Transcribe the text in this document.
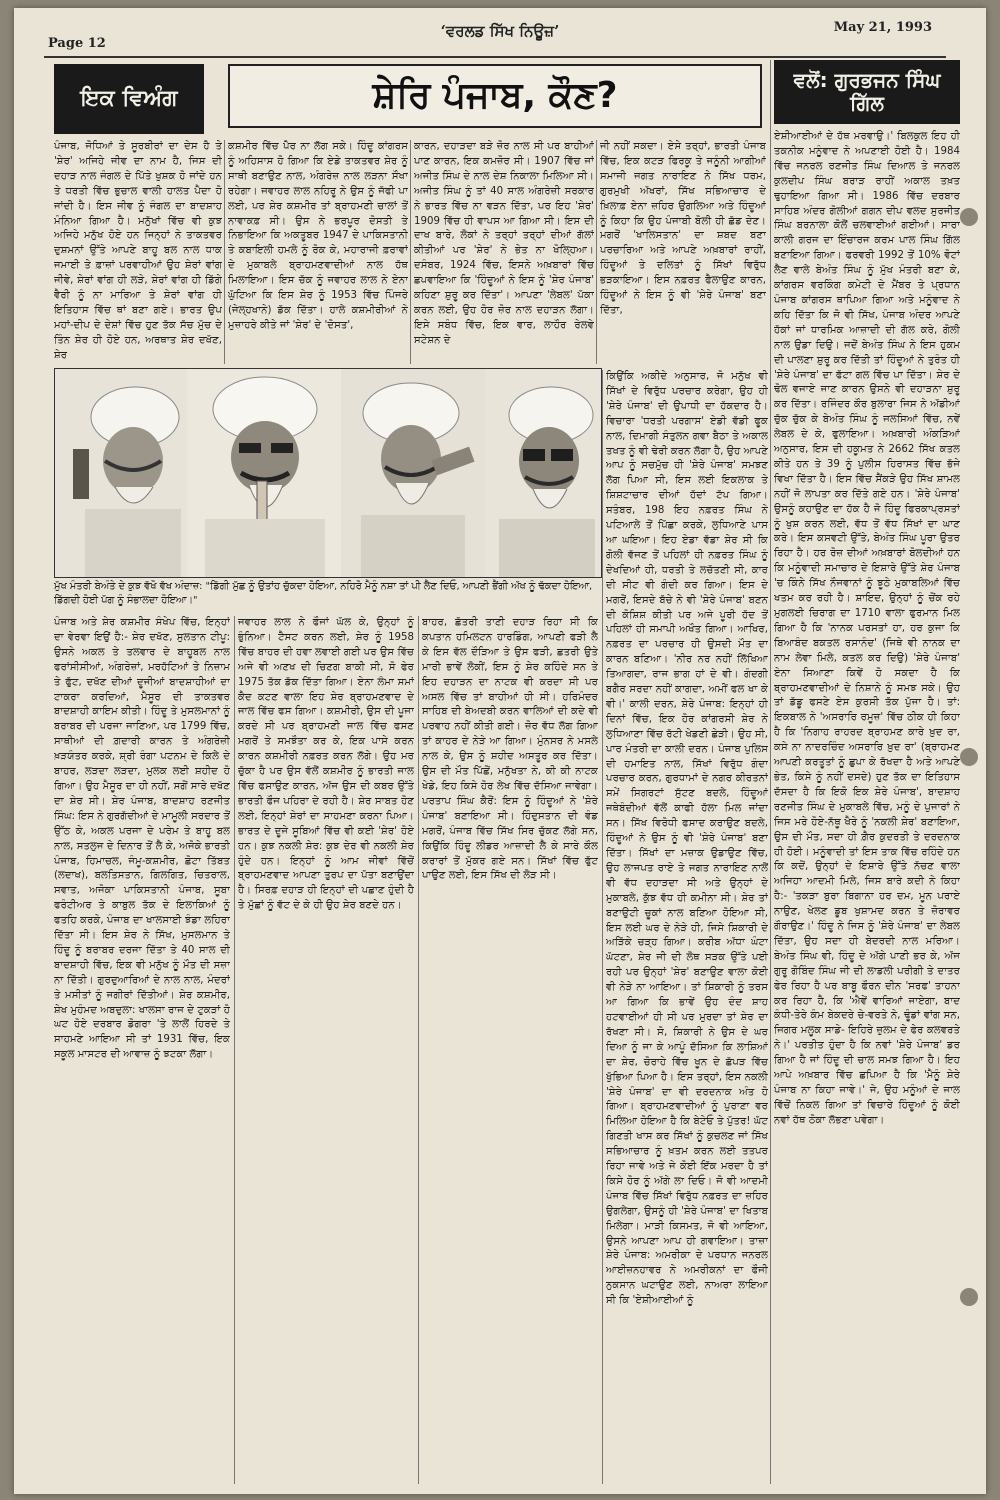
Page 12
‘ਵਰਲਡ ਸਿੱਖ ਨਿਊਜ਼’	May 21, 1993
ਇਕ ਵਿਅੰਗ	ਸ਼ੇਰਿ ਪੰਜਾਬ, ਕੌਣ?	ਵਲੋਂ: ਗੁਰਭਜਨ ਸਿੰਘ ਗਿੱਲ

ਪੰਜਾਬ, ਜੋਧਿਆਂ ਤੇ ਸੂਰਬੀਰਾਂ ਦਾ ਦੇਸ ਹੈ ਤੇ 'ਸ਼ੇਰ' ਅਜਿਹੇ ਜੀਵ ਦਾ ਨਾਮ ਹੈ, ਜਿਸ ਦੀ ਦਹਾੜ ਨਾਲ ਜੰਗਲ ਦੇ ਪਿੱਤੇ ਖੁਸ਼ਕ ਹੋ ਜਾਂਦੇ ਹਨ ਤੇ ਧਰਤੀ ਵਿੱਚ ਭੁਚਾਲ ਵਾਲੀ ਹਾਲਤ ਪੈਦਾ ਹੋ ਜਾਂਦੀ ਹੈ। ਇਸ ਜੀਵ ਨੂੰ ਜੰਗਲ ਦਾ ਬਾਦਸ਼ਾਹ ਮੰਨਿਆ ਗਿਆ ਹੈ। ਮਨੁੱਖਾਂ ਵਿੱਚ ਵੀ ਕੁਝ ਅਜਿਹੇ ਮਨੁੱਖ ਹੋਏ ਹਨ ਜਿਨ੍ਹਾਂ ਨੇ ਤਾਕਤਵਰ ਦੁਸ਼ਮਨਾਂ ਉੱਤੇ ਆਪਣੇ ਬਾਹੂ ਬਲ ਨਾਲ ਧਾਕ ਜਮਾਈ ਤੇ ਫ਼ਾਜ਼ਾਂ ਪਰਵਾਹੀਆਂ ਉਹ ਸ਼ੇਰਾਂ ਵਾਂਗ ਜੀਵੇ, ਸ਼ੇਰਾਂ ਵਾਂਗ ਹੀ ਲੜੇ, ਸ਼ੇਰਾਂ ਵਾਂਗ ਹੀ ਡਿੱਗੇ ਵੈਰੀ ਨੂੰ ਨਾ ਮਾਰਿਆ ਤੇ ਸ਼ੇਰਾਂ ਵਾਂਗ ਹੀ ਇਤਿਹਾਸ ਵਿੱਚ ਥਾਂ ਬਣਾ ਗਏ। ਭਾਰਤ ਉਪ ਮਹਾਂ-ਦੀਪ ਦੇ ਦੇਸ਼ਾਂ ਵਿੱਚ ਹੁਣ ਤੱਕ ਸੱਚ ਮੁੱਚ ਦੇ ਤਿੰਨ ਸ਼ੇਰ ਹੀ ਹੋਏ ਹਨ, ਅਰਥਾਤ ਸ਼ੇਰ ਦਖੱਣ, ਸ਼ੇਰ

ਕਸ਼ਮੀਰ ਵਿੱਚ ਪੈਰ ਨਾ ਲੱਗ ਸਕੇ। ਹਿੰਦੂ ਕਾਂਗਰਸ ਨੂੰ ਅਹਿਸਾਸ ਹੋ ਗਿਆ ਕਿ ਏਡੇ ਤਾਕਤਵਰ ਸ਼ੇਰ ਨੂੰ ਸਾਥੀ ਬਣਾਉਣ ਨਾਲ, ਅੰਗਰੇਜ਼ ਨਾਲ ਲੜਨਾ ਸੌਖਾ ਰਹੇਗਾ। ਜਵਾਹਰ ਲਾਲ ਨਹਿਰੂ ਨੇ ਉਸ ਨੂੰ ਜੱਫੀ ਪਾ ਲਈ, ਪਰ ਸ਼ੇਰ ਕਸ਼ਮੀਰ ਤਾਂ ਬ੍ਰਾਹਮਣੀ ਚਾਲਾਂ ਤੋਂ ਨਾਵਾਕਫ਼ ਸੀ। ਉਸ ਨੇ ਭਰਪੂਰ ਦੋਸਤੀ ਤੇ ਨਿਭਾਇਆ ਕਿ ਅਕਤੂਬਰ 1947 ਦੇ ਪਾਕਿਸਤਾਨੀ ਤੇ ਕਬਾਇਲੀ ਹਮਲੇ ਨੂੰ ਰੋਕ ਕੇ, ਮਹਾਰਾਜੀ ਫ਼ਰਾਵਾਂ ਦੇ ਮੁਕਾਬਲੇ ਬ੍ਰਾਹਮਣਵਾਦੀਆਂ ਨਾਲ ਹੱਥ ਮਿਲਾਇਆ। ਇਸ ਚੱਕ ਨੂੰ ਜਵਾਹਰ ਲਾਲ ਨੇ ਏਨਾ ਘੁੱਟਿਆ ਕਿ ਇਸ ਸ਼ੇਰ ਨੂੰ 1953 ਵਿੱਚ ਪਿੰਜਰੇ (ਜੇਲ੍ਹਖਾਨੇ) ਡੱਕ ਦਿੱਤਾ। ਹਾਲੇ ਕਸ਼ਮੀਰੀਆਂ ਨੇ ਮੁਜ਼ਾਹਰੇ ਕੀਤੇ ਜਾਂ 'ਸ਼ੇਰ' ਦੇ 'ਦੋਸਤ',

ਕਾਰਨ, ਦਹਾੜਦਾ ਬੜੇ ਜ਼ੋਰ ਨਾਲ ਸੀ ਪਰ ਬਾਹੀਆਂ ਪਾਣ ਕਾਰਨ, ਇਕ ਕਮਜ਼ੋਰ ਸੀ। 1907 ਵਿੱਚ ਜਾਂ ਅਜੀਤ ਸਿੰਘ ਦੇ ਨਾਲ ਦੇਸ਼ ਨਿਕਾਲਾ ਮਿਲਿਆ ਸੀ। ਅਜੀਤ ਸਿੰਘ ਨੂੰ ਤਾਂ 40 ਸਾਲ ਅੰਗਰੇਜ਼ੀ ਸਰਕਾਰ ਨੇ ਭਾਰਤ ਵਿੱਚ ਨਾ ਵੜਨ ਦਿੱਤਾ, ਪਰ ਇਹ 'ਸ਼ੇਰ' 1909 ਵਿੱਚ ਹੀ ਵਾਪਸ ਆ ਗਿਆ ਸੀ। ਇਸ ਦੀ ਦਾਖ ਬਾਰੇ, ਲੋਕਾਂ ਨੇ ਤਰ੍ਹਾਂ ਤਰ੍ਹਾਂ ਦੀਆਂ ਗੱਲਾਂ ਕੀਤੀਆਂ ਪਰ 'ਸ਼ੇਰ' ਨੇ ਭੇਤ ਨਾ ਖੋਲ੍ਹਿਆ। ਦਸੰਬਰ, 1924 ਵਿੱਚ, ਇਸਨੇ ਅਖ਼ਬਾਰਾਂ ਵਿੱਚ ਛਪਵਾਇਆ ਕਿ 'ਹਿੰਦੂਆਂ ਨੇ ਇਸ ਨੂੰ 'ਸ਼ੇਰ ਪੰਜਾਬ' ਕਹਿਣਾ ਸ਼ੁਰੂ ਕਰ ਦਿੱਤਾ'। ਆਪਣਾ 'ਲੇਬਲ' ਪੱਕਾ ਕਰਨ ਲਈ, ਉਹ ਹੋਰ ਜ਼ੋਰ ਨਾਲ ਦਹਾੜਨ ਲੱਗਾ। ਇਸੇ ਸਬੰਧ ਵਿੱਚ, ਇਕ ਵਾਰ, ਲਾਹੌਰ ਰੇਲਵੇ ਸਟੇਸ਼ਨ ਦੇ

ਜੀ ਨਹੀਂ ਸਕਦਾ। ਏਸੇ ਤਰ੍ਹਾਂ, ਭਾਰਤੀ ਪੰਜਾਬ ਵਿੱਚ, ਇਕ ਕਟੜ ਫਿਰਕੂ ਤੇ ਜਨੂੰਨੀ ਆਗੀਆਂ ਸਮਾਜੀ ਜਗਤ ਨਾਰਾਇਣ ਨੇ ਸਿੱਖ ਧਰਮ, ਗੁਰਮੁਖੀ ਅੱਖਰਾਂ, ਸਿੱਖ ਸਭਿਆਚਾਰ ਦੇ ਖ਼ਿਲਾਫ਼ ਏਨਾ ਜ਼ਹਿਰ ਉਗਲਿਆ ਅਤੇ ਹਿੰਦੂਆਂ ਨੂੰ ਕਿਹਾ ਕਿ ਉਹ ਪੰਜਾਬੀ ਬੋਲੀ ਹੀ ਛੱਡ ਦੇਣ। ਮਗਰੋਂ 'ਖਾਲਿਸਤਾਨ' ਦਾ ਸ਼ਬਦ ਬਣਾ ਪਰਚਾਰਿਆ ਅਤੇ ਆਪਣੇ ਅਖ਼ਬਾਰਾਂ ਰਾਹੀਂ, ਹਿੰਦੂਆਂ ਤੇ ਦਲਿਤਾਂ ਨੂੰ ਸਿੱਖਾਂ ਵਿਰੁੱਧ ਭੜਕਾਇਆ। ਇਸ ਨਫ਼ਰਤ ਫੈਲਾਉਣ ਕਾਰਨ, ਹਿੰਦੂਆਂ ਨੇ ਇਸ ਨੂੰ ਵੀ 'ਸ਼ੇਰੇ ਪੰਜਾਬ' ਬਣਾ ਦਿੱਤਾ,

ਮੁੱਖ ਮੰਤਰੀ ਬੇਅੰਤੇ ਦੇ ਕੁਝ ਵੱਖੋ ਵੱਖ ਅੰਦਾਜ਼: "ਡਿੱਗੀ ਮੁੱਛ ਨੂੰ ਉਤਾਂਹ ਚੁੱਕਦਾ ਹੋਇਆ, ਨਹਿਰੋ ਮੈਨੂੰ ਨਸ਼ਾ ਤਾਂ ਪੀ ਲੈਣ ਦਿਓ, ਆਪਣੀ ਭੈਂਗੀ ਅੱਖ ਨੂੰ ਢੱਕਦਾ ਹੋਇਆ, ਡਿੱਗਦੀ ਹੋਈ ਪੱਗ ਨੂੰ ਸੰਭਾਲਦਾ ਹੋਇਆ।"

ਪੰਜਾਬ ਅਤੇ ਸ਼ੇਰ ਕਸ਼ਮੀਰ ਸੰਖੇਪ ਵਿੱਚ, ਇਨ੍ਹਾਂ ਦਾ ਵੇਰਵਾ ਇਉਂ ਹੈ:- ਸ਼ੇਰ ਦਖੱਣ, ਸੁਲਤਾਨ ਟੀਪੂ: ਉਸਨੇ ਅਕਲ ਤੇ ਤਲਵਾਰ ਦੇ ਬਾਹੂਬਲ ਨਾਲ ਫਰਾਂਸੀਸੀਆਂ, ਅੰਗਰੇਜ਼ਾਂ, ਮਰਹੱਟਿਆਂ ਤੇ ਨਿਜ਼ਾਮ ਤੇ ਫੁੱਟ, ਦਖੱਣ ਦੀਆਂ ਦੂਜੀਆਂ ਬਾਦਸ਼ਾਹੀਆਂ ਦਾ ਟਾਕਰਾ ਕਰਦਿਆਂ, ਮੈਸੂਰ ਦੀ ਤਾਕਤਵਰ ਬਾਦਸ਼ਾਹੀ ਕਾਇਮ ਕੀਤੀ। ਹਿੰਦੂ ਤੇ ਮੁਸਲਮਾਨਾਂ ਨੂੰ ਬਰਾਬਰ ਦੀ ਪਰਜਾ ਜਾਣਿਆ, ਪਰ 1799 ਵਿੱਚ, ਸਾਥੀਆਂ ਦੀ ਗ਼ਦਾਰੀ ਕਾਰਨ ਤੇ ਅੰਗਰੇਜ਼ੀ ਖ਼ੜਯੰਤਰ ਕਰਕੇ, ਸ਼੍ਰੀ ਰੰਗਾ ਪਟਨਮ ਦੇ ਕਿਲੇ ਦੇ ਬਾਹਰ, ਲੜਦਾ ਲੜਦਾ, ਮੁਲਕ ਲਈ ਸ਼ਹੀਦ ਹੋ ਗਿਆ। ਉਹ ਮੈਸੂਰ ਦਾ ਹੀ ਨਹੀਂ, ਸਗੋਂ ਸਾਰੇ ਦਖੱਣ ਦਾ ਸ਼ੇਰ ਸੀ। ਸ਼ੇਰ ਪੰਜਾਬ, ਬਾਦਸ਼ਾਹ ਰਣਜੀਤ ਸਿੰਘ: ਇਸ ਨੇ ਗੁਰਗੱਦੀਆਂ ਦੇ ਮਾਮੂਲੀ ਸਰਦਾਰ ਤੋਂ ਉੱਠ ਕੇ, ਅਕਲ ਪਰਜਾ ਦੇ ਪਰੇਮ ਤੇ ਬਾਹੂ ਬਲ ਨਾਲ, ਸਤਲੁਜ ਦੇ ਦਿਨਾਰ ਤੋਂ ਲੈ ਕੇ, ਅਜੋਕੇ ਭਾਰਤੀ ਪੰਜਾਬ, ਹਿਮਾਚਲ, ਜੰਮੂ-ਕਸ਼ਮੀਰ, ਛੋਟਾ ਤਿੱਬਤ (ਲਦਾਖ), ਬਲਤਿਸਤਾਨ, ਗਿਲਗਿਤ, ਚਿਤਰਾਲ, ਸਵਾਤ, ਅਜੋਕਾ ਪਾਕਿਸਤਾਨੀ ਪੰਜਾਬ, ਸੂਬਾ ਫਰੰਟੀਅਰ ਤੇ ਕਾਬੁਲ ਤੱਕ ਦੇ ਇਲਾਕਿਆਂ ਨੂੰ ਫਤਹਿ ਕਰਕੇ, ਪੰਜਾਬ ਦਾ ਖਾਲਸਾਈ ਝੰਡਾ ਲਹਿਰਾ ਦਿੱਤਾ ਸੀ। ਇਸ ਸ਼ੇਰ ਨੇ ਸਿੱਖ, ਮੁਸਲਮਾਨ ਤੇ ਹਿੰਦੂ ਨੂੰ ਬਰਾਬਰ ਦਰਜਾ ਦਿੱਤਾ ਤੇ 40 ਸਾਲ ਦੀ ਬਾਦਸ਼ਾਹੀ ਵਿੱਚ, ਇਕ ਵੀ ਮਨੁੱਖ ਨੂੰ ਮੌਤ ਦੀ ਸਜ਼ਾ ਨਾ ਦਿੱਤੀ। ਗੁਰਦੁਆਰਿਆਂ ਦੇ ਨਾਲ ਨਾਲ, ਮੰਦਰਾਂ ਤੇ ਮਸੀਤਾਂ ਨੂੰ ਜਗੀਰਾਂ ਦਿੱਤੀਆਂ। ਸ਼ੇਰ ਕਸ਼ਮੀਰ, ਸ਼ੇਖ ਮੁਹੰਮਦ ਅਬਦੁਲਾ: ਖਾਲਸਾ ਰਾਜ ਦੇ ਟੁਕੜਾਂ ਹੋ ਘਟ ਹੋਏ ਦਰਬਾਰ ਡੋਗਰਾ 'ਤੇ ਲਾਲੋਂ ਹਿਰਦੇ ਤੇ ਸਾਹਮਣੇ ਆਇਆ ਸੀ ਤਾਂ 1931 ਵਿੱਚ, ਇਕ ਸਕੂਲ ਮਾਸਟਰ ਦੀ ਆਵਾਜ਼ ਨੂੰ ਝਟਕਾ ਲੱਗਾ।

ਜਵਾਹਰ ਲਾਲ ਨੇ ਫੌਜਾਂ ਘੱਲ ਕੇ, ਉਨ੍ਹਾਂ ਨੂੰ ਭੁੰਨਿਆ। ਟੈਸਟ ਕਰਨ ਲਈ, ਸ਼ੇਰ ਨੂੰ 1958 ਵਿੱਚ ਬਾਹਰ ਦੀ ਹਵਾ ਲਵਾਈ ਗਈ ਪਰ ਉਸ ਵਿੱਚ ਅਜੇ ਵੀ ਅਣਖ ਦੀ ਚਿਣਗ ਬਾਕੀ ਸੀ, ਸੋ ਫੇਰ 1975 ਤੱਕ ਡੱਕ ਦਿੱਤਾ ਗਿਆ। ਏਨਾ ਲੰਮਾ ਸਮਾਂ ਕੈਦ ਕਟਣ ਵਾਲਾ ਇਹ ਸ਼ੇਰ ਬ੍ਰਾਹਮਣਵਾਦ ਦੇ ਜਾਲ ਵਿੱਚ ਫਸ ਗਿਆ। ਕਸ਼ਮੀਰੀ, ਉਸ ਦੀ ਪੂਜਾ ਕਰਦੇ ਸੀ ਪਰ ਬ੍ਰਾਹਮਣੀ ਜਾਲ ਵਿੱਚ ਫਸਣ ਮਗਰੋਂ ਤੇ ਸਮਝੌਤਾ ਕਰ ਕੇ, ਇਕ ਪਾਸੇ ਕਰਨ ਕਾਰਨ ਕਸ਼ਮੀਰੀ ਨਫ਼ਰਤ ਕਰਨ ਲੱਗੇ। ਉਹ ਮਰ ਚੁੱਕਾ ਹੈ ਪਰ ਉਸ ਵੱਲੋਂ ਕਸ਼ਮੀਰ ਨੂੰ ਭਾਰਤੀ ਜਾਲ ਵਿੱਚ ਫਸਾਉਣ ਕਾਰਨ, ਅੱਜ ਉਸ ਦੀ ਕਬਰ ਉੱਤੇ ਭਾਰਤੀ ਫੌਜ ਪਹਿਰਾ ਦੇ ਰਹੀ ਹੈ। ਸ਼ੇਰ ਸਾਬਤ ਹੋਣ ਲਈ, ਇਨ੍ਹਾਂ ਸ਼ੇਰਾਂ ਦਾ ਸਾਹਮਣਾ ਕਰਨਾ ਪਿਆ। ਭਾਰਤ ਦੇ ਦੂਜੇ ਸੂਬਿਆਂ ਵਿੱਚ ਵੀ ਕਈ 'ਸ਼ੇਰ' ਹੋਏ ਹਨ। ਕੁਝ ਨਕਲੀ ਸ਼ੇਰ: ਕੁਝ ਦੇਰ ਵੀ ਨਕਲੀ ਸ਼ੇਰ ਹੁੰਦੇ ਹਨ। ਇਨ੍ਹਾਂ ਨੂੰ ਆਮ ਜੀਵਾਂ ਵਿੱਚੋਂ ਬ੍ਰਾਹਮਣਵਾਦ ਆਪਣਾ ਤੁਰਪ ਦਾ ਪੱਤਾ ਬਣਾਉਂਦਾ ਹੈ। ਸਿਰਫ਼ ਦਹਾੜ ਹੀ ਇਨ੍ਹਾਂ ਦੀ ਪਛਾਣ ਹੁੰਦੀ ਹੈ ਤੇ ਮੁੱਛਾਂ ਨੂੰ ਵੱਟ ਦੇ ਕੇ ਹੀ ਉਹ ਸ਼ੇਰ ਬਣਦੇ ਹਨ।

ਬਾਹਰ, ਛੱਤਰੀ ਤਾਣੀ ਦਹਾੜ ਰਿਹਾ ਸੀ ਕਿ ਕਪਤਾਨ ਹਮਿਲਟਨ ਹਾਰਡਿੰਗ, ਆਪਣੀ ਫੜੀ ਲੈ ਕੇ ਇਸ ਵੱਲ ਦੌੜਿਆ ਤੇ ਉਸ ਫੜੀ, ਛਤਰੀ ਉਤੇ ਮਾਰੀ ਭਾਵੇਂ ਲੋਕੀਂ, ਇਸ ਨੂੰ ਸ਼ੇਰ ਕਹਿੰਦੇ ਸਨ ਤੇ ਇਹ ਦਹਾੜਨ ਦਾ ਨਾਟਕ ਵੀ ਕਰਦਾ ਸੀ ਪਰ ਅਸਲ ਵਿੱਚ ਤਾਂ ਬਾਹੀਆਂ ਹੀ ਸੀ। ਹਰਿਮੰਦਰ ਸਾਹਿਬ ਦੀ ਬੇਅਦਬੀ ਕਰਨ ਵਾਲਿਆਂ ਦੀ ਕਦੇ ਵੀ ਪਰਵਾਹ ਨਹੀਂ ਕੀਤੀ ਗਈ। ਜ਼ੋਰ ਵੱਧ ਲੱਗ ਗਿਆ ਤਾਂ ਕਾਹਰ ਦੇ ਨੇੜੇ ਆ ਗਿਆ। ਮੁੰਨਸਰ ਨੇ ਮਸਲੇ ਨਾਲ ਕੇ, ਉਸ ਨੂੰ ਸ਼ਹੀਦ ਅਸਤੂਰ ਕਰ ਦਿੱਤਾ। ਉਸ ਦੀ ਮੌਤ ਪਿੱਛੋਂ, ਮਨੁੱਖਤਾ ਨੇ, ਕੀ ਕੀ ਨਾਟਕ ਖੇਡੇ, ਇਹ ਕਿਸੇ ਹੋਰ ਲੇਖ ਵਿੱਚ ਦੱਸਿਆ ਜਾਵੇਗਾ। ਪਰਤਾਪ ਸਿੰਘ ਕੈਰੋਂ: ਇਸ ਨੂੰ ਹਿੰਦੂਆਂ ਨੇ 'ਸ਼ੇਰੇ ਪੰਜਾਬ' ਬਣਾਇਆ ਸੀ। ਹਿੰਦੁਸਤਾਨ ਦੀ ਵੰਡ ਮਗਰੋਂ, ਪੰਜਾਬ ਵਿੱਚ ਸਿੱਖ ਸਿਰ ਚੁੱਕਣ ਲੱਗੇ ਸਨ, ਕਿਉਂਕਿ ਹਿੰਦੂ ਲੀਡਰ ਆਜ਼ਾਦੀ ਲੈ ਕੇ ਸਾਰੇ ਕੌਲ ਕਰਾਰਾਂ ਤੋਂ ਮੁੱਕਰ ਗਏ ਸਨ। ਸਿੱਖਾਂ ਵਿੱਚ ਫੁੱਟ ਪਾਉਣ ਲਈ, ਇਸ ਸਿੱਖ ਦੀ ਲੋੜ ਸੀ।

ਕਿਉਂਕਿ ਅਕੀਦੇ ਅਨੁਸਾਰ, ਜੋ ਮਨੁੱਖ ਵੀ ਸਿੱਖਾਂ ਦੇ ਵਿਰੁੱਧ ਪਰਚਾਰ ਕਰੇਗਾ, ਉਹ ਹੀ 'ਸ਼ੇਰੇ ਪੰਜਾਬ' ਦੀ ਉਪਾਧੀ ਦਾ ਹੱਕਦਾਰ ਹੈ। ਵਿਚਾਰਾ 'ਧਰਤੀ ਪਰਗਾਸ' ਏਡੀ ਵੱਡੀ ਫੂਕ ਨਾਲ, ਦਿਮਾਗੀ ਸੰਤੁਲਨ ਗਵਾ ਬੈਠਾ ਤੇ ਅਕਾਲ ਤਖਤ ਨੂੰ ਵੀ ਢੇਰੀ ਕਰਨ ਲੱਗਾ ਹੈ, ਉਹ ਆਪਣੇ ਆਪ ਨੂੰ ਸਚਮੁੱਚ ਹੀ 'ਸ਼ੇਰੇ ਪੰਜਾਬ' ਸਮਝਣ ਲੱਗ ਪਿਆ ਸੀ, ਇਸ ਲਈ ਇਕਲਾਕ ਤੇ ਸ਼ਿਸ਼ਟਾਚਾਰ ਦੀਆਂ ਹੱਦਾਂ ਟੱਪ ਗਿਆ। ਸਤੰਬਰ, 198 ਇਹ ਨਫ਼ਰਤ ਸਿੰਘ ਨੇ ਪਟਿਆਲੇ ਤੋਂ ਪਿੱਛਾ ਕਰਕੇ, ਲੁਧਿਆਣੇ ਪਾਸ ਆ ਘਇਆ। ਇਹ ਏਡਾ ਵੱਡਾ ਸ਼ੇਰ ਸੀ ਕਿ ਗੋਲੀ ਵੱਜਣ ਤੋਂ ਪਹਿਲਾਂ ਹੀ ਨਫ਼ਰਤ ਸਿੰਘ ਨੂੰ ਦੇਖਦਿਆਂ ਹੀ, ਧਰਤੀ ਤੇ ਲਚੱਤਣੀ ਸੀ, ਕਾਰ ਦੀ ਸੀਟ ਵੀ ਗੰਦੀ ਕਰ ਗਿਆ। ਇਸ ਦੇ ਮਗਰੋਂ, ਇਸਦੇ ਬੱਚੇ ਨੇ ਵੀ 'ਸ਼ੇਰੇ ਪੰਜਾਬ' ਬਣਨ ਦੀ ਕੋਸ਼ਿਸ਼ ਕੀਤੀ ਪਰ ਅਜੇ ਪੂਰੀ ਹੱਦ ਤੋਂ ਪਹਿਲਾਂ ਹੀ ਸਮਾਪੀ ਅਖੌਤ ਗਿਆ। ਆਖਿਰ, ਨਫ਼ਰਤ ਦਾ ਪਰਚਾਰ ਹੀ ਉਸਦੀ ਮੌਤ ਦਾ ਕਾਰਨ ਬਣਿਆ। 'ਨੀਰ ਨਰ ਨਹੀਂ ਲਿੱਖਿਆ ਤਿਆਗਦਾ, ਰਾਜ ਭਾਗ ਹਾਂ ਦੇ ਵੀ। ਗੰਦਗੀ ਬਗੈਰ ਸਰਦਾ ਨਹੀਂ ਕਾਗਦਾ, ਅਮੀਂ ਫਲ ਖਾ ਕੇ ਵੀ।' ਕਾਲੀ ਦਰਨ, ਸ਼ੇਰੇ ਪੰਜਾਬ: ਇਨ੍ਹਾਂ ਹੀ ਦਿਨਾਂ ਵਿੱਚ, ਇਕ ਹੋਰ ਕਾਂਗਰਸੀ ਸ਼ੇਰ ਨੇ ਲੁਧਿਆਣਾ ਵਿੱਚ ਰੱਟੀ ਖੇਡਣੀ ਛੇੜੀ। ਉਹ ਸੀ, ਪਾਰ ਮੰਤਰੀ ਦਾ ਕਾਲੀ ਦਰਨ। ਪੰਜਾਬ ਪੁਲਿਸ ਦੀ ਹਮਾਇਤ ਨਾਲ, ਸਿੱਖਾਂ ਵਿਰੁੱਧ ਗੰਦਾ ਪਰਚਾਰ ਕਰਨ, ਗੁਰਧਾਮਾਂ ਦੇ ਨਗਰ ਕੀਰਤਨਾਂ ਸਮੇਂ ਸਿਗਰਟਾਂ ਸੁੱਟਣ ਬਦਲੇ, ਹਿੰਦੂਆਂ ਜਥੇਬੰਦੀਆਂ ਵੱਲੋਂ ਕਾਫੀ ਹੱਲਾ ਮਿਲ ਜਾਂਦਾ ਸਨ। ਸਿੱਖ ਵਿਰੋਧੀ ਫਸਾਦ ਕਰਾਉਣ ਬਦਲੇ, ਹਿੰਦੂਆਂ ਨੇ ਉਸ ਨੂੰ ਵੀ 'ਸ਼ੇਰੇ ਪੰਜਾਬ' ਬਣਾ ਦਿੱਤਾ। ਸਿੱਖਾਂ ਦਾ ਮਜ਼ਾਕ ਉਡਾਉਣ ਵਿੱਚ, ਉਹ ਲਾਜਪਤ ਰਾਏ ਤੇ ਜਗਤ ਨਾਰਾਇਣ ਨਾਲੋਂ ਵੀ ਵੱਧ ਦਹਾੜਦਾ ਸੀ ਅਤੇ ਉਨ੍ਹਾਂ ਦੇ ਮੁਕਾਬਲੇ, ਕੁੱਝ ਵੱਧ ਹੀ ਕਮੀਨਾ ਸੀ। ਸ਼ੇਰ ਤਾਂ ਬਣਾਉਟੀ ਚੂਕਾਂ ਨਾਲ ਬਣਿਆ ਹੋਇਆ ਸੀ, ਇਸ ਲਈ ਘਰ ਦੇ ਨੇੜੇ ਹੀ, ਜਿਸੇ ਸ਼ਿਕਾਰੀ ਦੇ ਅੜਿੱਕੇ ਚੜ੍ਹ ਗਿਆ। ਕਰੀਬ ਅੱਧਾ ਘੰਟਾ ਘੱਟਣਾ, ਸ਼ੇਰ ਜੀ ਦੀ ਲੋਥ ਸੜਕ ਉੱਤੇ ਪਈ ਰਹੀ ਪਰ ਉਨ੍ਹਾਂ 'ਸ਼ੇਰ' ਬਣਾਉਣ ਵਾਲਾ ਕੋਈ ਵੀ ਨੇੜੇ ਨਾ ਆਇਆ। ਤਾਂ ਸ਼ਿਕਾਰੀ ਨੂੰ ਤਰਸ ਆ ਗਿਆ ਕਿ ਭਾਵੇਂ ਉਹ ਦੰਦ ਸ਼ਾਹ ਹਟਵਾਈਆਂ ਹੀ ਸੀ ਪਰ ਮੁਰਦਾ ਤਾਂ ਸ਼ੇਰ ਦਾ ਰੱਖਣਾ ਸੀ। ਸੋ, ਸ਼ਿਕਾਰੀ ਨੇ ਉਸ ਦੇ ਘਰ ਦਿਆ ਨੂੰ ਜਾ ਕੇ ਆਪੂੰ ਦੱਸਿਆ ਕਿ ਲਾਸ਼ਿਆਂ ਦਾ ਸ਼ੇਰ, ਚੋਰਾਹੇ ਵਿੱਚ ਖੂਨ ਦੇ ਛੱਪੜ ਵਿੱਚ ਖੁੱਭਿਆ ਪਿਆ ਹੈ। ਇਸ ਤਰ੍ਹਾਂ, ਇਸ ਨਕਲੀ 'ਸ਼ੇਰੇ ਪੰਜਾਬ' ਦਾ ਵੀ ਦਰਦਨਾਕ ਅੰਤ ਹੋ ਗਿਆ। ਬ੍ਰਾਹਮਣਵਾਦੀਆਂ ਨੂੰ ਪੁਰਾਣਾ ਵਰ ਮਿਲਿਆ ਹੋਇਆ ਹੈ ਕਿ ਬੇਟੇਓ ਤੇ ਪੁੱਤਰ! ਘੱਟ ਗਿਣਤੀ ਖਾਸ ਕਰ ਸਿੱਖਾਂ ਨੂੰ ਕੁਚਲਣ ਜਾਂ ਸਿੱਖ ਸਭਿਆਚਾਰ ਨੂੰ ਖ਼ਤਮ ਕਰਨ ਲਈ ਤਤਪਰ ਰਿਹਾ ਜਾਵੇ ਅਤੇ ਜੇ ਕੋਈ ਇੱਕ ਮਰਦਾ ਹੈ ਤਾਂ ਕਿਸੇ ਹੋਰ ਨੂੰ ਅੱਗੇ ਲਾ ਦਿਓ। ਜੋ ਵੀ ਆਦਮੀ ਪੰਜਾਬ ਵਿੱਚ ਸਿੱਖਾਂ ਵਿਰੁੱਧ ਨਫ਼ਰਤ ਦਾ ਜ਼ਹਿਰ ਉਗਲੇਗਾ, ਉਸਨੂੰ ਹੀ 'ਸ਼ੇਰੇ ਪੰਜਾਬ' ਦਾ ਖਿਤਾਬ ਮਿਲੇਗਾ। ਮਾੜੀ ਕਿਸਮਤ, ਜੋ ਵੀ ਆਇਆ, ਉਸਨੇ ਆਪਣਾ ਆਪ ਹੀ ਗਵਾਇਆ। ਤਾਜ਼ਾ ਸ਼ੇਰੇ ਪੰਜਾਬ: ਅਮਰੀਕਾ ਦੇ ਪਰਧਾਨ ਜਨਰਲ ਆਈਜ਼ਨਹਾਵਰ ਨੇ ਅਮਰੀਕਨਾਂ ਦਾ ਫੌਜੀ ਨੁਕਸਾਨ ਘਟਾਉਣ ਲਈ, ਨਾਅਰਾ ਲਾਇਆ ਸੀ ਕਿ 'ਏਸ਼ੀਆਈਆਂ ਨੂੰ

ਏਸ਼ੀਆਈਆਂ ਦੇ ਹੱਥ ਮਰਵਾਉ।' ਬਿਲਕੁਲ ਇਹ ਹੀ ਤਕਨੀਕ ਮਨੂੰਵਾਦ ਨੇ ਅਪਣਾਈ ਹੋਈ ਹੈ। 1984 ਵਿੱਚ ਜਨਰਲ ਰਣਜੀਤ ਸਿੰਘ ਦਿਆਲ ਤੇ ਜਨਰਲ ਕੁਲਦੀਪ ਸਿੰਘ ਬਰਾੜ ਰਾਹੀਂ ਅਕਾਲ ਤਖ਼ਤ ਢੁਹਾਇਆ ਗਿਆ ਸੀ। 1986 ਵਿੱਚ ਦਰਬਾਰ ਸਾਹਿਬ ਅੰਦਰ ਗੋਲੀਆਂ ਗਗਨ ਦੀਪ ਵਲਦ ਸੁਰਜੀਤ ਸਿੰਘ ਬਰਨਾਲਾ ਕੋਲੋਂ ਚਲਵਾਈਆਂ ਗਈਆਂ। ਸਾਰਾ ਕਾਲੀ ਗਰਜ ਦਾ ਇੰਚਾਰਜ ਕਰਮ ਪਾਲ ਸਿੰਘ ਗਿੱਲ ਬਣਾਇਆ ਗਿਆ। ਫਰਵਰੀ 1992 ਤੋਂ 10% ਵੋਟਾਂ ਲੈਣ ਵਾਲੇ ਬੇਅੰਤ ਸਿੰਘ ਨੂੰ ਮੁੱਖ ਮੰਤਰੀ ਬਣਾ ਕੇ, ਕਾਂਗਰਸ ਵਰਕਿੰਗ ਕਮੇਟੀ ਦੇ ਮੈਂਬਰ ਤੇ ਪ੍ਰਧਾਨ ਪੰਜਾਬ ਕਾਂਗਰਸ ਥਾਪਿਆ ਗਿਆ ਅਤੇ ਮਨੂੰਵਾਦ ਨੇ ਕਹਿ ਦਿੱਤਾ ਕਿ ਜੋ ਵੀ ਸਿੱਖ, ਪੰਜਾਬ ਅੰਦਰ ਆਪਣੇ ਹੱਕਾਂ ਜਾਂ ਧਾਰਮਿਕ ਆਜ਼ਾਦੀ ਦੀ ਗੱਲ ਕਰੇ, ਗੋਲੀ ਨਾਲ ਉਡਾ ਦਿਉ। ਜਦੋਂ ਬੇਅੰਤ ਸਿੰਘ ਨੇ ਇਸ ਹੁਕਮ ਦੀ ਪਾਲਣਾ ਸ਼ੁਰੂ ਕਰ ਦਿੱਤੀ ਤਾਂ ਹਿੰਦੂਆਂ ਨੇ ਤੁਰੰਤ ਹੀ 'ਸ਼ੇਰੇ ਪੰਜਾਬ' ਦਾ ਫੱਟਾ ਗਲ ਵਿੱਚ ਪਾ ਦਿੱਤਾ। ਸ਼ੇਰ ਦੇ ਢੋਲ ਵਜਾਏ ਜਾਣ ਕਾਰਨ ਉਸਨੇ ਵੀ ਦਹਾੜਨਾ ਸ਼ੁਰੂ ਕਰ ਦਿੱਤਾ। ਰਜਿੰਦਰ ਕੌਰ ਬੁਲਾਰਾ ਜਿਸ ਨੇ ਅੱਡੀਆਂ ਚੁੱਕ ਚੁੱਕ ਕੇ ਬੇਅੰਤ ਸਿੰਘ ਨੂੰ ਜਲਸਿਆਂ ਵਿੱਚ, ਨਵੇਂ ਲੇਬਲ ਦੇ ਕੇ, ਫੁਲਾਇਆ। ਅਖ਼ਬਾਰੀ ਅੰਕੜਿਆਂ ਅਨੁਸਾਰ, ਇਸ ਦੀ ਹਕੂਮਤ ਨੇ 2662 ਸਿੱਖ ਕਤਲ ਕੀਤੇ ਹਨ ਤੇ 39 ਨੂੰ ਪੁਲੀਸ ਹਿਰਾਸਤ ਵਿੱਚ ਭੱਜੇ ਵਿਖਾ ਦਿੱਤਾ ਹੈ। ਇਸ ਵਿੱਚ ਸੈਂਕੜੇ ਉਹ ਸਿੱਖ ਸ਼ਾਮਲ ਨਹੀਂ ਜੋ ਲਾਪਤਾ ਕਰ ਦਿੱਤੇ ਗਏ ਹਨ। 'ਸ਼ੇਰੇ ਪੰਜਾਬ' ਉਸਨੂੰ ਕਹਾਉਣ ਦਾ ਹੱਕ ਹੈ ਜੋ ਹਿੰਦੂ ਫਿਰਕਾਪ੍ਰਸਤਾਂ ਨੂੰ ਖੁਸ਼ ਕਰਨ ਲਈ, ਵੱਧ ਤੋਂ ਵੱਧ ਸਿੱਖਾਂ ਦਾ ਘਾਣ ਕਰੇ। ਇਸ ਕਸਵਟੀ ਉੱਤੇ, ਬੇਅੰਤ ਸਿੰਘ ਪੂਰਾ ਉਤਰ ਰਿਹਾ ਹੈ। ਹਰ ਰੋਜ਼ ਦੀਆਂ ਅਖ਼ਬਾਰਾਂ ਬੋਲਦੀਆਂ ਹਨ ਕਿ ਮਨੂੰਵਾਦੀ ਸਮਾਚਾਰ ਦੇ ਇਸ਼ਾਰੇ ਉੱਤੇ ਸ਼ੇਰ ਪੰਜਾਬ 'ਚ ਕਿੰਨੇ ਸਿੱਖ ਨੌਜਵਾਨਾਂ ਨੂੰ ਝੂਠੇ ਮੁਕਾਬਲਿਆਂ ਵਿੱਚ ਖਤਮ ਕਰ ਰਹੀ ਹੈ। ਸ਼ਾਇਦ, ਉਨ੍ਹਾਂ ਨੂੰ ਚੋਂਕ ਰਹੇ ਮੁਗਲਈ ਚਿਰਾਗ ਦਾ 1710 ਵਾਲਾ ਫੁਰਮਾਨ ਮਿਲ ਗਿਆ ਹੈ ਕਿ 'ਨਾਨਕ ਪਰਸਤਾਂ ਹਾ, ਹਰ ਕੁਜਾ ਕਿ ਬਿਆਬੰਦ ਬਕਤਲ ਰਸਾਨੰਦ' (ਜਿਥੇ ਵੀ ਨਾਨਕ ਦਾ ਨਾਮ ਲੇਵਾ ਮਿਲੇ, ਕਤਲ ਕਰ ਦਿਉ) 'ਸ਼ੇਰੇ ਪੰਜਾਬ' ਏਨਾ ਸਿਆਣਾ ਕਿਵੇਂ ਹੋ ਸਕਦਾ ਹੈ ਕਿ ਬ੍ਰਾਹਮਣਵਾਦੀਆਂ ਦੇ ਨਿਸ਼ਾਨੇ ਨੂੰ ਸਮਝ ਸਕੇ। ਉਹ ਤਾਂ ਡੱਡੂ ਫਸਣੇ ਏਸ ਕੁਰਸੀ ਤੱਕ ਪੁੱਜਾ ਹੈ। ਤਾਂ: ਇਕਬਾਲ ਨੇ 'ਅਸਰਾਰਿ ਰਮੂਜ਼' ਵਿੱਚ ਠੀਕ ਹੀ ਕਿਹਾ ਹੈ ਕਿ 'ਨਿਗਾਹ ਰਾਹਰਦ ਬ੍ਰਾਹਮਣ ਕਾਰੇ ਖ਼ੁਦ ਰਾ, ਕਸੇ ਨਾ ਨਾਦਰਚਿੰਦ ਅਸਰਾਰਿ ਖ਼ੁਦ ਰਾ' (ਬ੍ਰਾਹਮਣ ਆਪਣੀ ਕਰਤੂਤਾਂ ਨੂੰ ਛੁਪਾ ਕੇ ਰੱਖਦਾ ਹੈ ਅਤੇ ਆਪਣੇ ਭੇਤ, ਕਿਸੇ ਨੂੰ ਨਹੀਂ ਦਸਦੇ) ਹੁਣ ਤੱਕ ਦਾ ਇਤਿਹਾਸ ਦੱਸਦਾ ਹੈ ਕਿ ਇਕੋ ਇਕ ਸ਼ੇਰੇ ਪੰਜਾਬ', ਬਾਦਸ਼ਾਹ ਰਣਜੀਤ ਸਿੰਘ ਦੇ ਮੁਕਾਬਲੇ ਵਿੱਚ, ਮਨੂੰ ਦੇ ਪੁਜਾਰਾਂ ਨੇ ਜਿਸ ਮਰੇ ਹੋਏ-ਨੱਥੂ ਖੈਰੇ ਨੂੰ 'ਨਕਲੀ ਸ਼ੇਰ' ਬਣਾਇਆ, ਉਸ ਦੀ ਮੌਤ, ਸਦਾ ਹੀ ਗ਼ੈਰ ਕੁਦਰਤੀ ਤੇ ਦਰਦਨਾਕ ਹੀ ਹੋਈ। ਮਨੂੰਵਾਦੀ ਤਾਂ ਇਸ ਤਾਕ ਵਿੱਚ ਰਹਿੰਦੇ ਹਨ ਕਿ ਕਦੋਂ, ਉਨ੍ਹਾਂ ਦੇ ਇਸ਼ਾਰੇ ਉੱਤੇ ਨੱਚਣ ਵਾਲਾ ਅਜਿਹਾ ਆਦਮੀ ਮਿਲੇ, ਜਿਸ ਬਾਰੇ ਕਦੀ ਨੇ ਕਿਹਾ ਹੈ:- 'ਤਕੜਾ ਬੁਰਾ ਬਿਗਾਨਾ ਹਰ ਦਮ, ਮੂਨ ਪਰਾਏ ਨਾਉਣ, ਖੇਲਣ ਡੂਬ ਖੁਸ਼ਾਮਦ ਕਰਨ ਤੇ ਜ਼ੋਰਾਵਰ ਗੌਰਾਉਣ।' ਹਿੰਦੂ ਨੇ ਜਿਸ ਨੂੰ 'ਸ਼ੇਰੇ ਪੰਜਾਬ' ਦਾ ਲੇਬਲ ਦਿੱਤਾ, ਉਹ ਸਦਾ ਹੀ ਬੇਦਰਦੀ ਨਾਲ ਮਰਿਆ। ਬੇਅੰਤ ਸਿੰਘ ਵੀ, ਹਿੰਦੂ ਦੇ ਅੱਗੇ ਪਾਣੀ ਭਰ ਕੇ, ਅੱਜ ਗੁਰੂ ਗੋਬਿੰਦ ਸਿੰਘ ਜੀ ਦੀ ਲਾਡਲੀ ਪਰੀਗੀ ਤੇ ਦਾਤਰ ਫੇਰ ਰਿਹਾ ਹੈ ਪਰ ਬਾਬੂ ਫੌਰਨ ਦੀਨ 'ਸਰਫ' ਤਾਹਨਾ ਕਰ ਰਿਹਾ ਹੈ, ਕਿ 'ਐਵੇਂ ਵਾਰਿਆਂ ਜਾਏਗਾ, ਬਾਦ ਕੰਧੀ-ਤੇਰੇ ਕੰਮ ਬੇਕਦਰੇ ਚੇ-ਵਰਤੇ ਨੇ, ਢੂੰਡਾਂ ਵਾਂਗ ਸਨ, ਜਿਗਰ ਮਲੂਕ ਸਾਡੇ- ਇਹਿਰੇ ਜ਼ੁਲਮ ਦੇ ਫੇਰ ਕਲਵਰਤੇ ਨੇ।' ਪਰਤੀਤ ਹੁੰਦਾ ਹੈ ਕਿ ਨਵਾਂ 'ਸ਼ੇਰੇ ਪੰਜਾਬ' ਡਰ ਗਿਆ ਹੈ ਜਾਂ ਹਿੰਦੂ ਦੀ ਚਾਲ ਸਮਝ ਗਿਆ ਹੈ। ਇਹ ਆਪੇ ਅਖ਼ਬਾਰ ਵਿੱਚ ਛਪਿਆ ਹੈ ਕਿ 'ਮੈਨੂੰ ਸ਼ੇਰੇ ਪੰਜਾਬ ਨਾ ਕਿਹਾ ਜਾਵੇ।' ਜੇ, ਉਹ ਮਨੂੰਆਂ ਦੇ ਜਾਲ ਵਿੱਚੋਂ ਨਿਕਲ ਗਿਆ ਤਾਂ ਵਿਚਾਰੇ ਹਿੰਦੂਆਂ ਨੂੰ ਕੋਈ ਨਵਾਂ ਹੱਥ ਠੋਕਾ ਲੱਭਣਾ ਪਵੇਗਾ।
